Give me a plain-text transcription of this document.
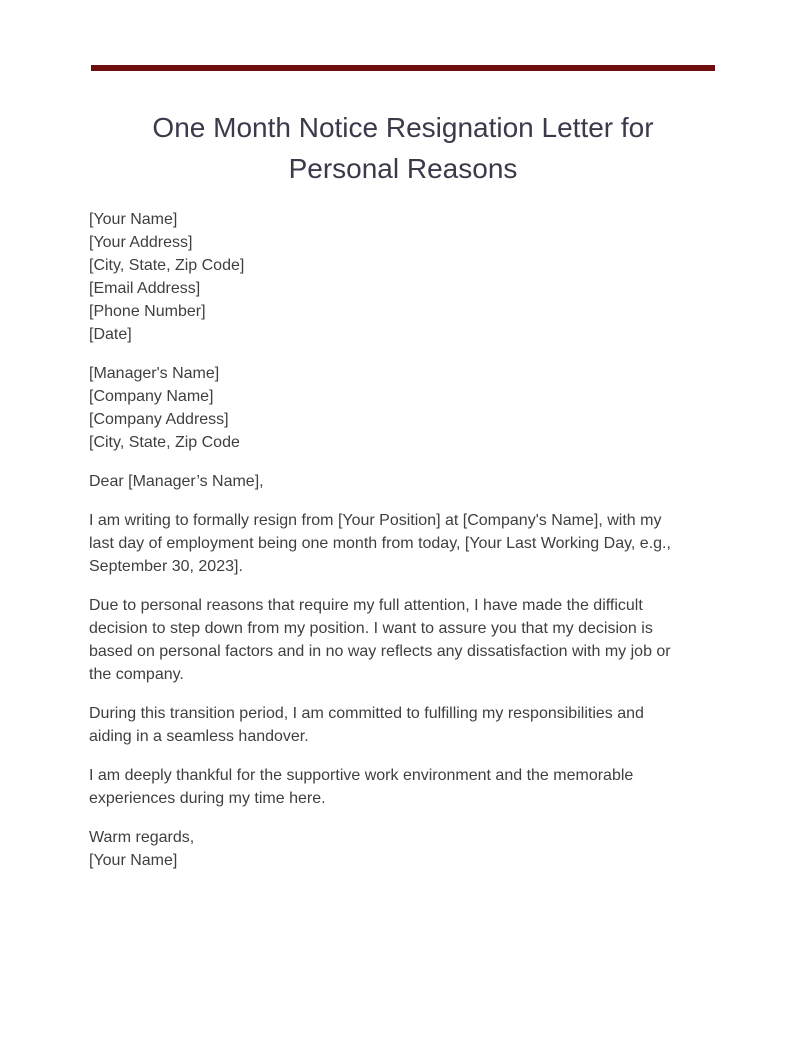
One Month Notice Resignation Letter for
Personal Reasons
[Your Name]
[Your Address]
[City, State, Zip Code]
[Email Address]
[Phone Number]
[Date]
[Manager's Name]
[Company Name]
[Company Address]
[City, State, Zip Code
Dear [Manager’s Name],
I am writing to formally resign from [Your Position] at [Company's Name], with my last day of employment being one month from today, [Your Last Working Day, e.g., September 30, 2023].
Due to personal reasons that require my full attention, I have made the difficult decision to step down from my position. I want to assure you that my decision is based on personal factors and in no way reflects any dissatisfaction with my job or the company.
During this transition period, I am committed to fulfilling my responsibilities and aiding in a seamless handover.
I am deeply thankful for the supportive work environment and the memorable experiences during my time here.
Warm regards,
[Your Name]
